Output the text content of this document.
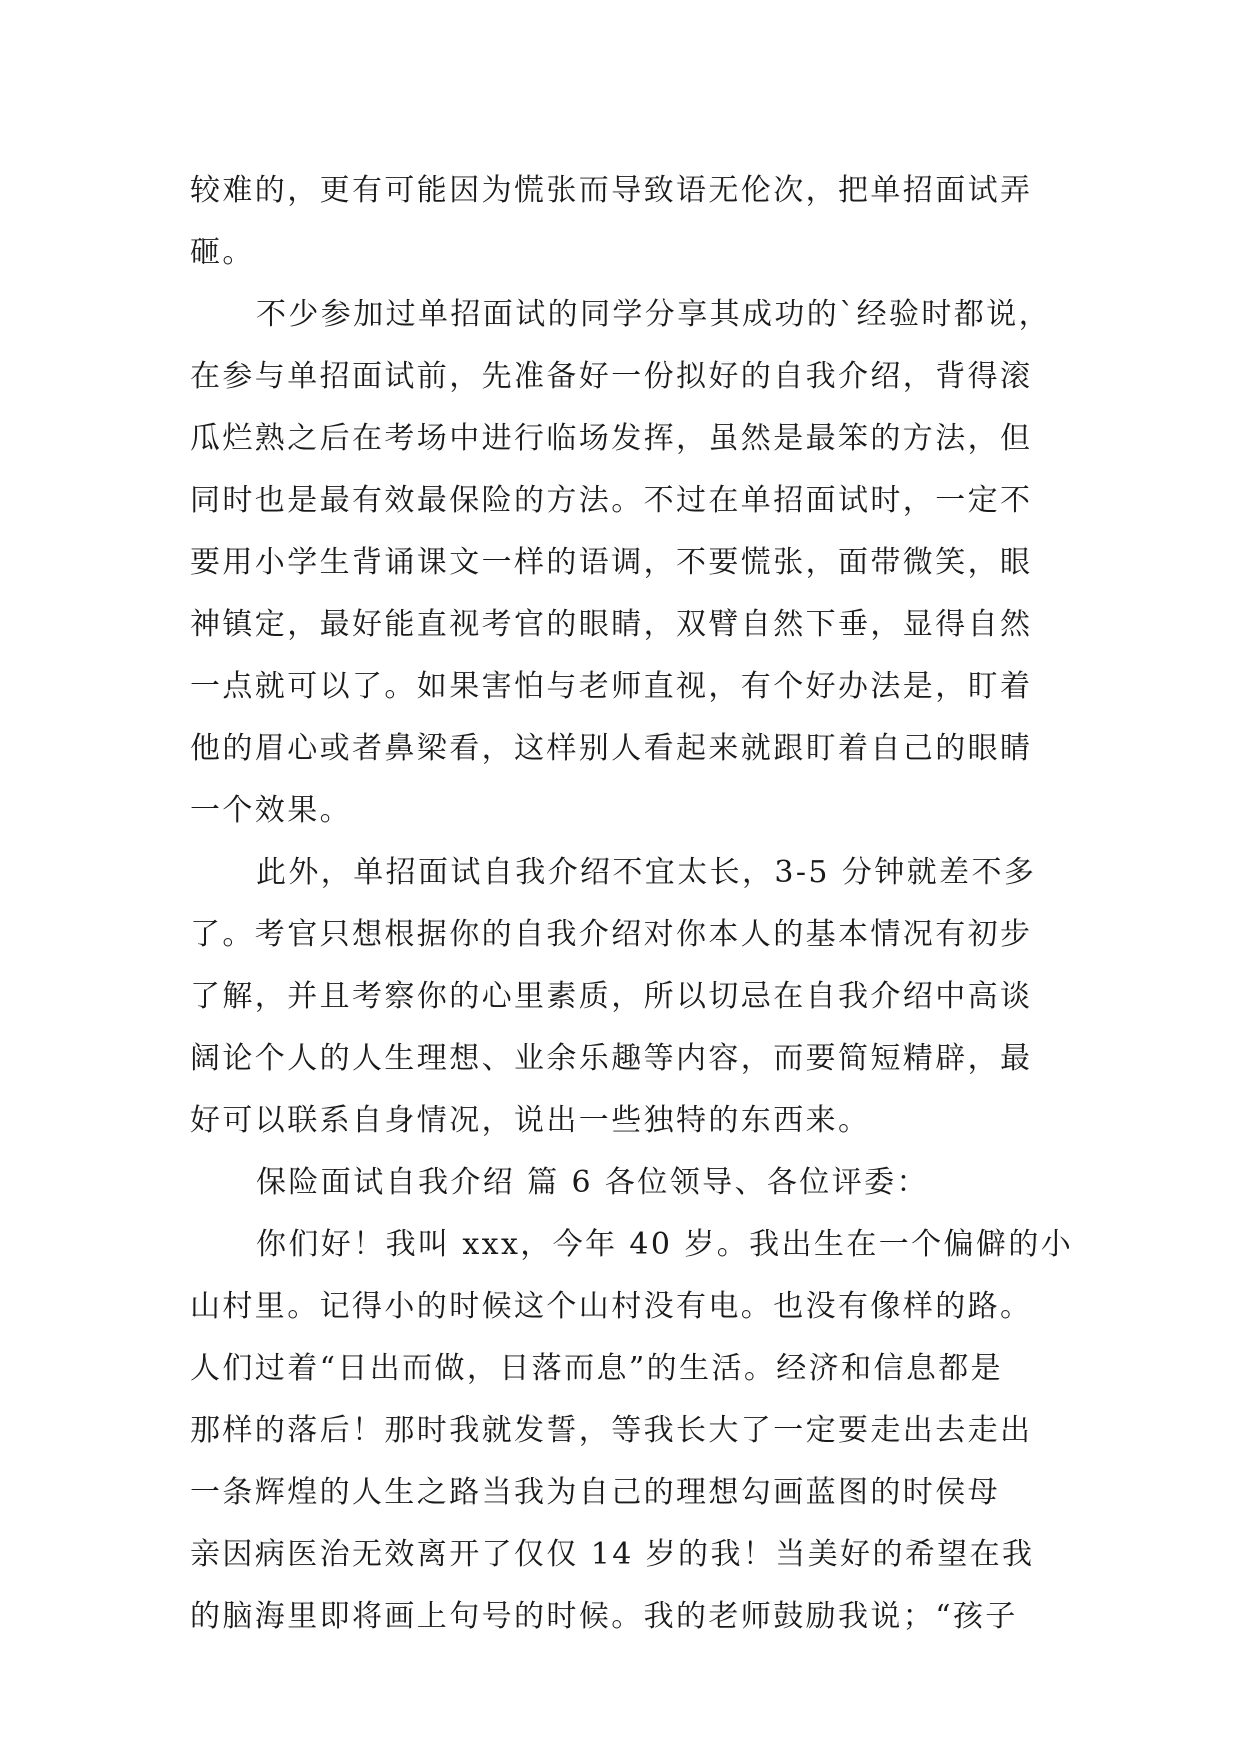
较难的，更有可能因为慌张而导致语无伦次，把单招面试弄
砸。
不少参加过单招面试的同学分享其成功的`经验时都说，
在参与单招面试前，先准备好一份拟好的自我介绍，背得滚
瓜烂熟之后在考场中进行临场发挥，虽然是最笨的方法，但
同时也是最有效最保险的方法。不过在单招面试时，一定不
要用小学生背诵课文一样的语调，不要慌张，面带微笑，眼
神镇定，最好能直视考官的眼睛，双臂自然下垂，显得自然
一点就可以了。如果害怕与老师直视，有个好办法是，盯着
他的眉心或者鼻梁看，这样别人看起来就跟盯着自己的眼睛
一个效果。
此外，单招面试自我介绍不宜太长，3-5 分钟就差不多
了。考官只想根据你的自我介绍对你本人的基本情况有初步
了解，并且考察你的心里素质，所以切忌在自我介绍中高谈
阔论个人的人生理想、业余乐趣等内容，而要简短精辟，最
好可以联系自身情况，说出一些独特的东西来。
保险面试自我介绍 篇 6 各位领导、各位评委：
你们好！我叫 xxx，今年 40 岁。我出生在一个偏僻的小
山村里。记得小的时候这个山村没有电。也没有像样的路。
人们过着“日出而做，日落而息”的生活。经济和信息都是
那样的落后！那时我就发誓，等我长大了一定要走出去走出
一条辉煌的人生之路当我为自己的理想勾画蓝图的时侯母
亲因病医治无效离开了仅仅 14 岁的我！当美好的希望在我
的脑海里即将画上句号的时候。我的老师鼓励我说；“孩子
